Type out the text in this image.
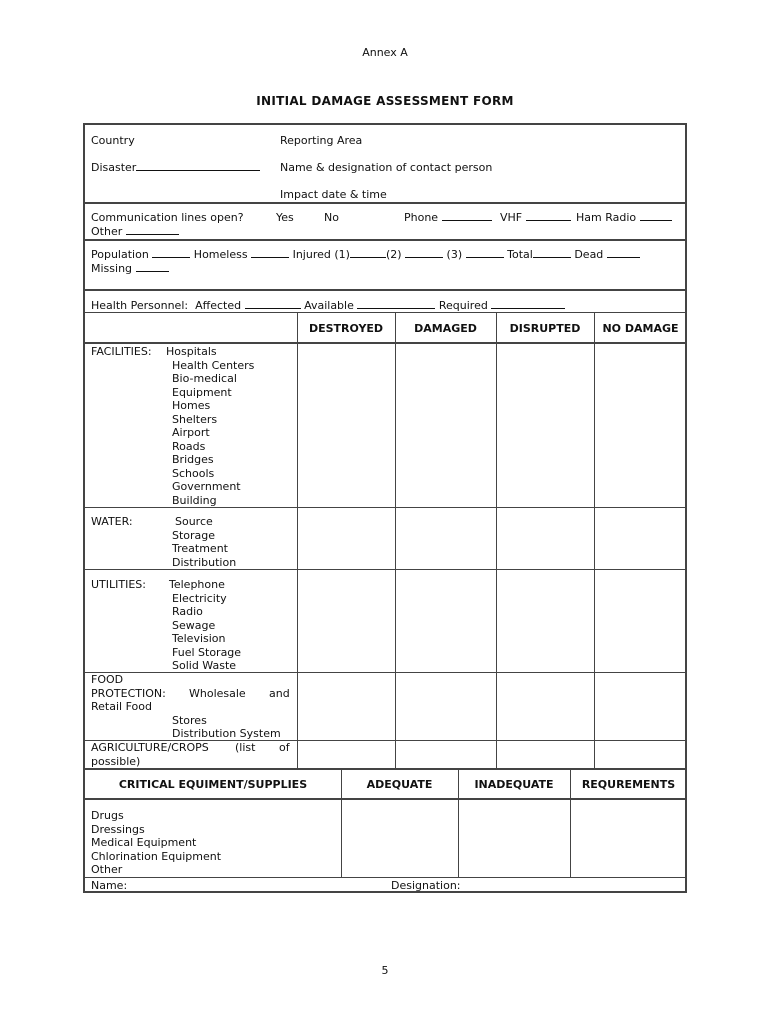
Annex A
INITIAL DAMAGE ASSESSMENT FORM
Country	Reporting Area
Disaster	Name & designation of contact person
Impact date & time
Communication lines open?	Yes	No	Phone	VHF	Ham Radio
Other
Population	Homeless	Injured (1)	(2)	(3)	Total	Dead
Missing
Health Personnel: Affected	Available	Required
DESTROYED	DAMAGED	DISRUPTED	NO DAMAGE
FACILITIES: Hospitals
Health Centers
Bio-medical
Equipment
Homes
Shelters
Airport
Roads
Bridges
Schools
Government
Building
WATER:	Source
Storage
Treatment
Distribution
UTILITIES: Telephone
Electricity
Radio
Sewage
Television
Fuel Storage
Solid Waste
FOOD
PROTECTION: Wholesale and
Retail Food
Stores
Distribution System
AGRICULTURE/CROPS (list of
possible)
CRITICAL EQUIMENT/SUPPLIES	ADEQUATE	INADEQUATE	REQUREMENTS
Drugs
Dressings
Medical Equipment
Chlorination Equipment
Other
Name:	Designation:
5
